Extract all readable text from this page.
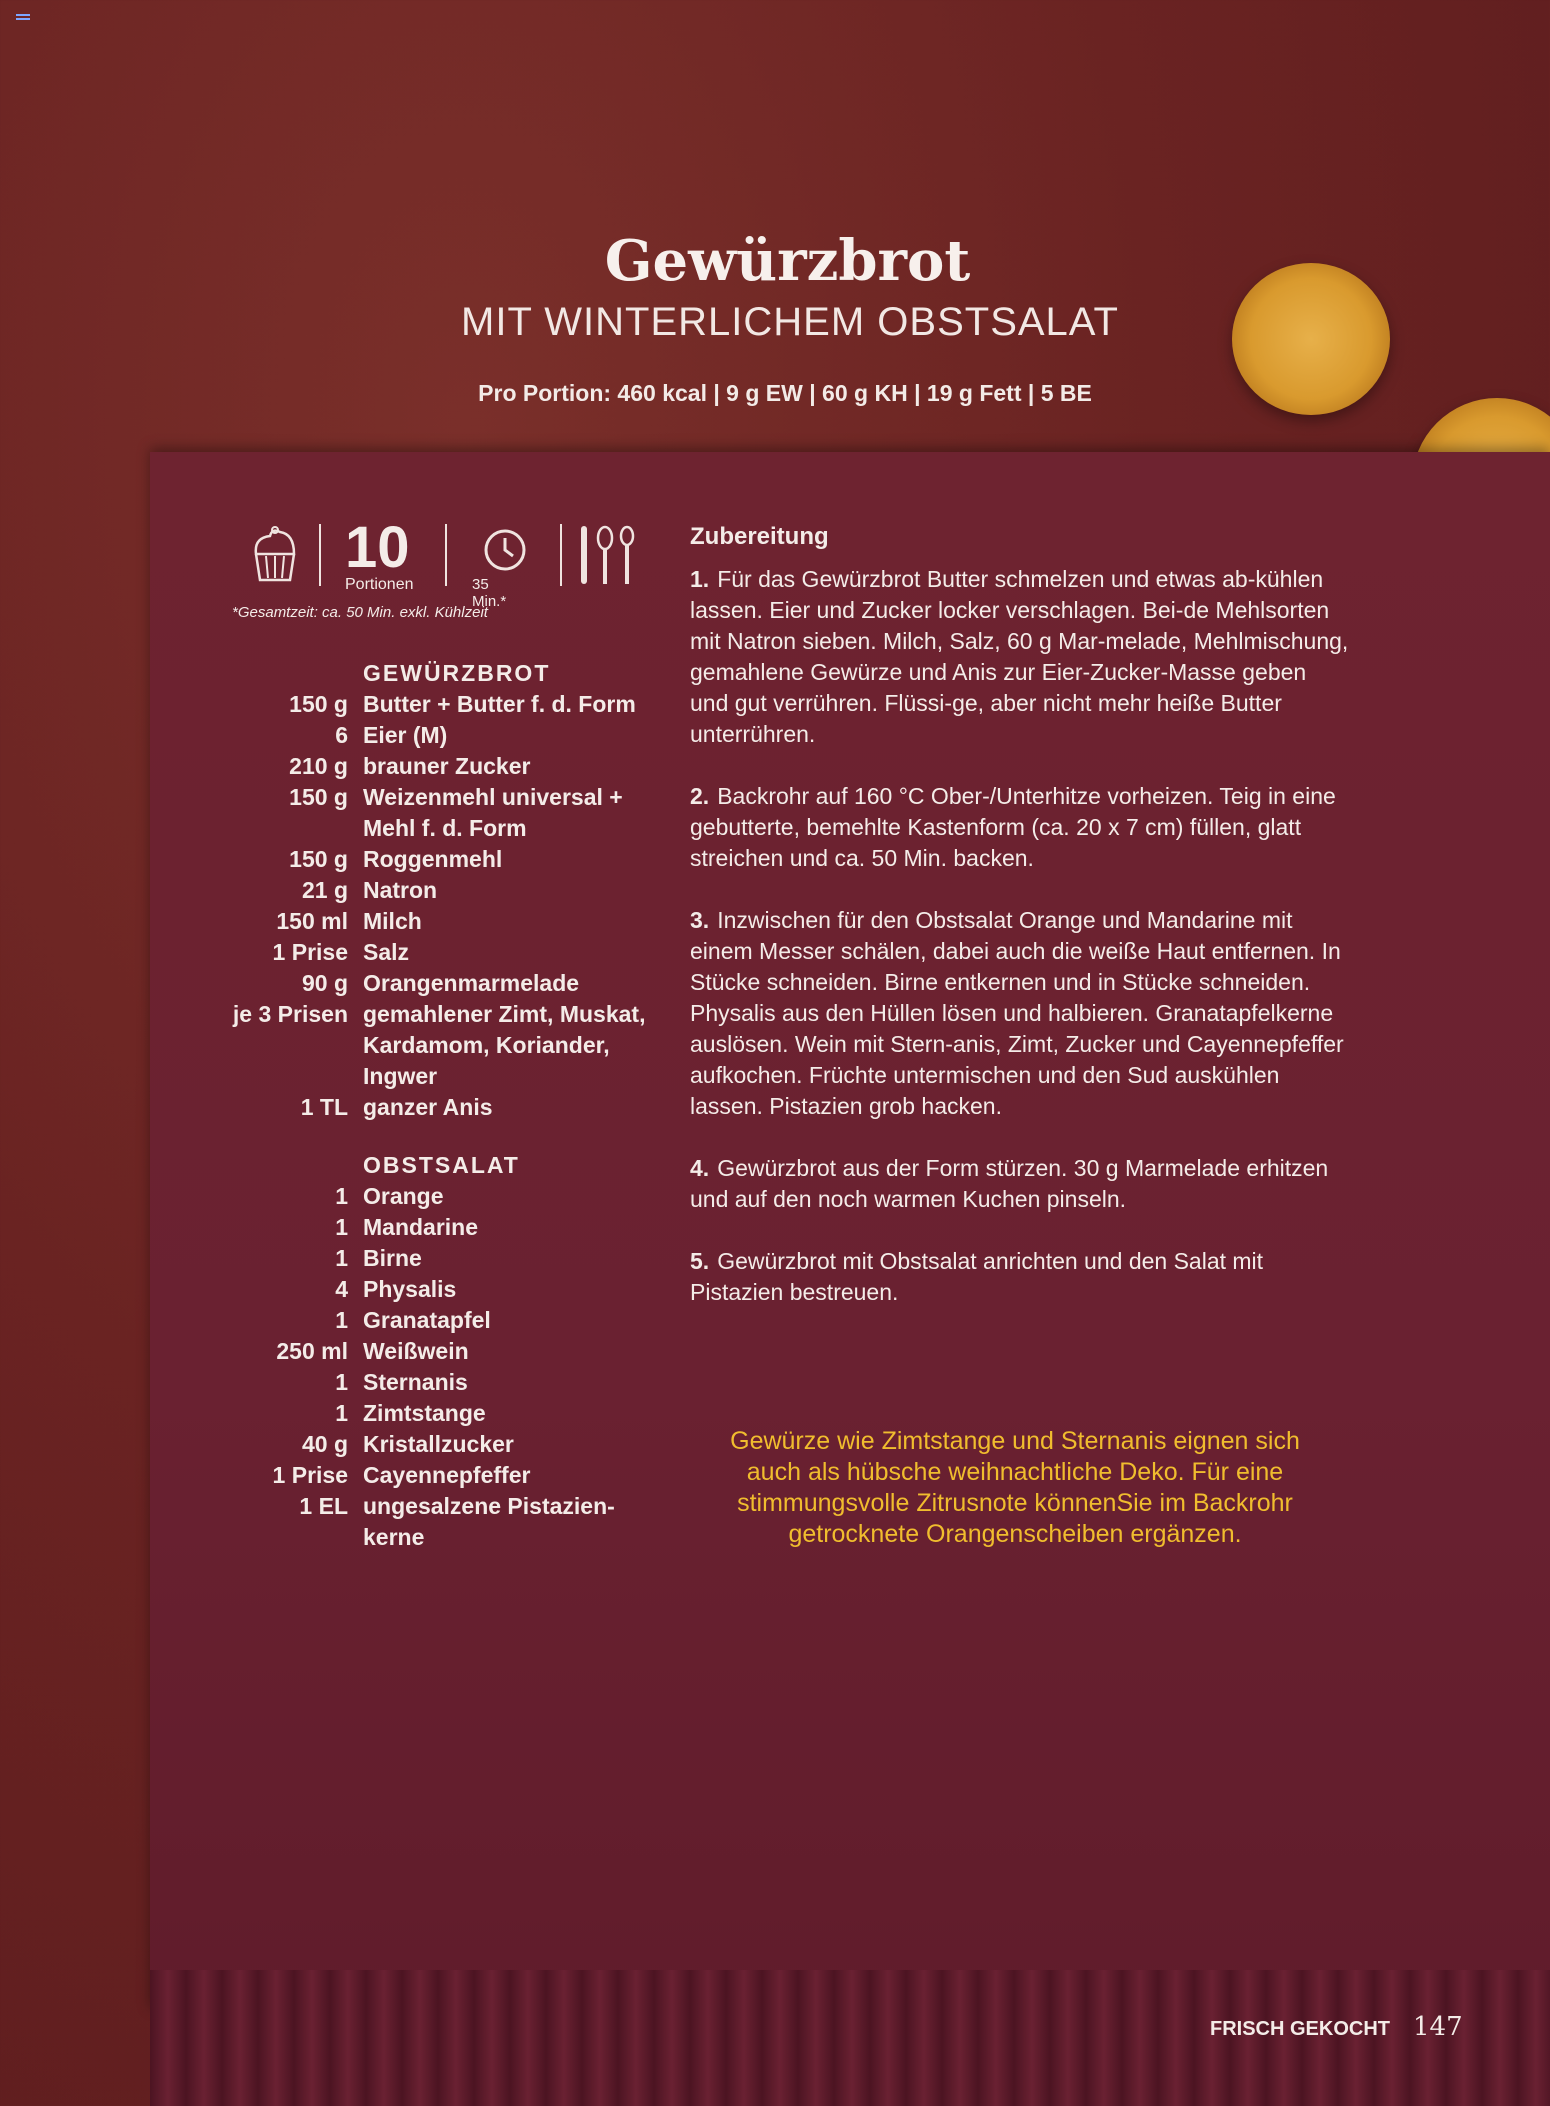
Gewürzbrot
MIT WINTERLICHEM OBSTSALAT
Pro Portion: 460 kcal | 9 g EW | 60 g KH | 19 g Fett | 5 BE
10
Portionen	35 Min.*
*Gesamtzeit: ca. 50 Min. exkl. Kühlzeit
GEWÜRZBROT
150 g Butter + Butter f. d. Form
6 Eier (M)
210 g brauner Zucker
150 g Weizenmehl universal +
Mehl f. d. Form
150 g Roggenmehl
21 g Natron
150 ml Milch
1 Prise Salz
90 g Orangenmarmelade
je 3 Prisen gemahlener Zimt, Muskat,
Kardamom, Koriander,
Ingwer
1 TL ganzer Anis
OBSTSALAT
1 Orange
1 Mandarine
1 Birne
4 Physalis
1 Granatapfel
250 ml Weißwein
1 Sternanis
1 Zimtstange
40 g Kristallzucker
1 Prise Cayennepfeffer
1 EL ungesalzene Pistazien-
kerne
Zubereitung
1. Für das Gewürzbrot Butter schmelzen und etwas ab-kühlen lassen. Eier und Zucker locker verschlagen. Bei-de Mehlsorten mit Natron sieben. Milch, Salz, 60 g Mar-melade, Mehlmischung, gemahlene Gewürze und Anis zur Eier-Zucker-Masse geben und gut verrühren. Flüssi-ge, aber nicht mehr heiße Butter unterrühren.
2. Backrohr auf 160 °C Ober-/Unterhitze vorheizen. Teig in eine gebutterte, bemehlte Kastenform (ca. 20 x 7 cm) füllen, glatt streichen und ca. 50 Min. backen.
3. Inzwischen für den Obstsalat Orange und Mandarine mit einem Messer schälen, dabei auch die weiße Haut entfernen. In Stücke schneiden. Birne entkernen und in Stücke schneiden. Physalis aus den Hüllen lösen und halbieren. Granatapfelkerne auslösen. Wein mit Stern-anis, Zimt, Zucker und Cayennepfeffer aufkochen. Früchte untermischen und den Sud auskühlen lassen. Pistazien grob hacken.
4. Gewürzbrot aus der Form stürzen. 30 g Marmelade erhitzen und auf den noch warmen Kuchen pinseln.
5. Gewürzbrot mit Obstsalat anrichten und den Salat mit Pistazien bestreuen.
Gewürze wie Zimtstange und Sternanis eignen sich auch als hübsche weihnachtliche Deko. Für eine stimmungsvolle Zitrusnote könnenSie im Backrohr getrocknete Orangenscheiben ergänzen.
FRISCH GEKOCHT 147
